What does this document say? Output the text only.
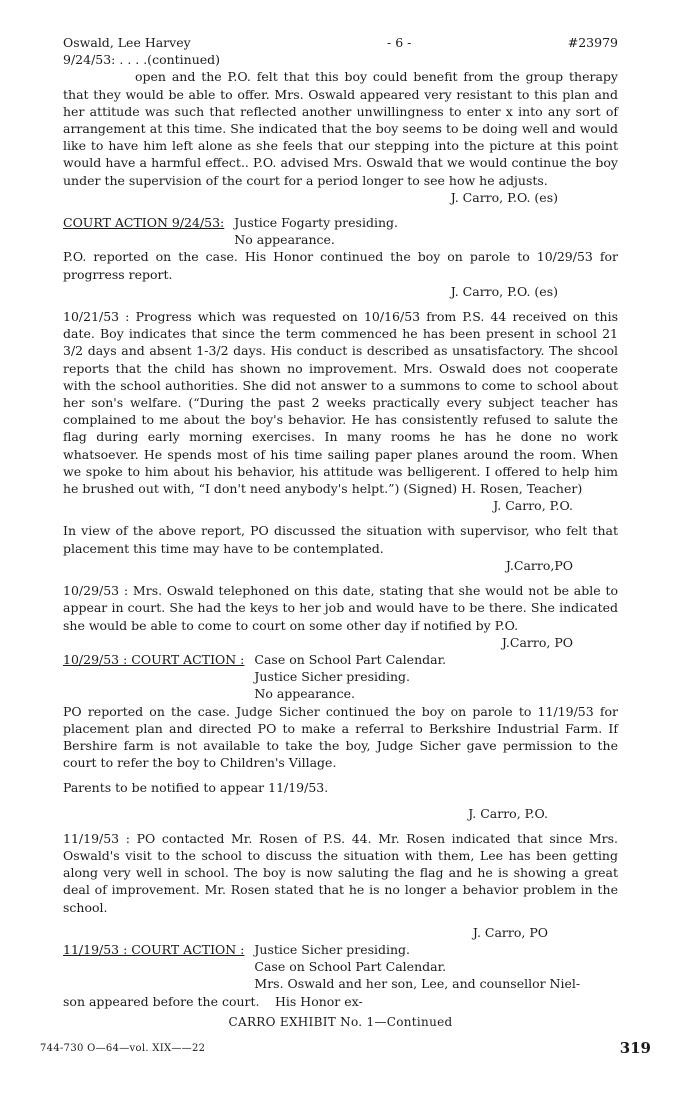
Oswald, Lee Harvey	- 6 -	#23979
9/24/53: . . . .(continued)
open and the P.O. felt that this boy could benefit from the group therapy that they would be able to offer. Mrs. Oswald appeared very resistant to this plan and her attitude was such that reflected another unwillingness to enter x into any sort of arrangement at this time. She indicated that the boy seems to be doing well and would like to have him left alone as she feels that our stepping into the picture at this point would have a harmful effect.. P.O. advised Mrs. Oswald that we would continue the boy under the supervision of the court for a period longer to see how he adjusts.
J. Carro, P.O. (es)
COURT ACTION 9/24/53: Justice Fogarty presiding.
No appearance.
P.O. reported on the case. His Honor continued the boy on parole to 10/29/53 for progrress report.
J. Carro, P.O. (es)
10/21/53 : Progress which was requested on 10/16/53 from P.S. 44 received on this date. Boy indicates that since the term commenced he has been present in school 21 3/2 days and absent 1-3/2 days. His conduct is described as unsatisfactory. The shcool reports that the child has shown no improvement. Mrs. Oswald does not cooperate with the school authorities. She did not answer to a summons to come to school about her son's welfare. (“During the past 2 weeks practically every subject teacher has complained to me about the boy's behavior. He has consistently refused to salute the flag during early morning exercises. In many rooms he has he done no work whatsoever. He spends most of his time sailing paper planes around the room. When we spoke to him about his behavior, his attitude was belligerent. I offered to help him he brushed out with, “I don't need anybody's helpt.”) (Signed) H. Rosen, Teacher)
J. Carro, P.O.
In view of the above report, PO discussed the situation with supervisor, who felt that placement this time may have to be contemplated.
J.Carro,PO
10/29/53 : Mrs. Oswald telephoned on this date, stating that she would not be able to appear in court. She had the keys to her job and would have to be there. She indicated she would be able to come to court on some other day if notified by P.O.
J.Carro, PO
10/29/53 : COURT ACTION : Case on School Part Calendar.
Justice Sicher presiding.
No appearance.
PO reported on the case. Judge Sicher continued the boy on parole to 11/19/53 for placement plan and directed PO to make a referral to Berkshire Industrial Farm. If Bershire farm is not available to take the boy, Judge Sicher gave permission to the court to refer the boy to Children's Village.
Parents to be notified to appear 11/19/53.
J. Carro, P.O.
11/19/53 : PO contacted Mr. Rosen of P.S. 44. Mr. Rosen indicated that since Mrs. Oswald's visit to the school to discuss the situation with them, Lee has been getting along very well in school. The boy is now saluting the flag and he is showing a great deal of improvement. Mr. Rosen stated that he is no longer a behavior problem in the school.
J. Carro, PO
11/19/53 : COURT ACTION : Justice Sicher presiding.
Case on School Part Calendar.
Mrs. Oswald and her son, Lee, and counsellor Niel-
son appeared before the court.	His Honor ex-
CARRO EXHIBIT No. 1—Continued
744-730 O—64—vol. XIX——22	319
